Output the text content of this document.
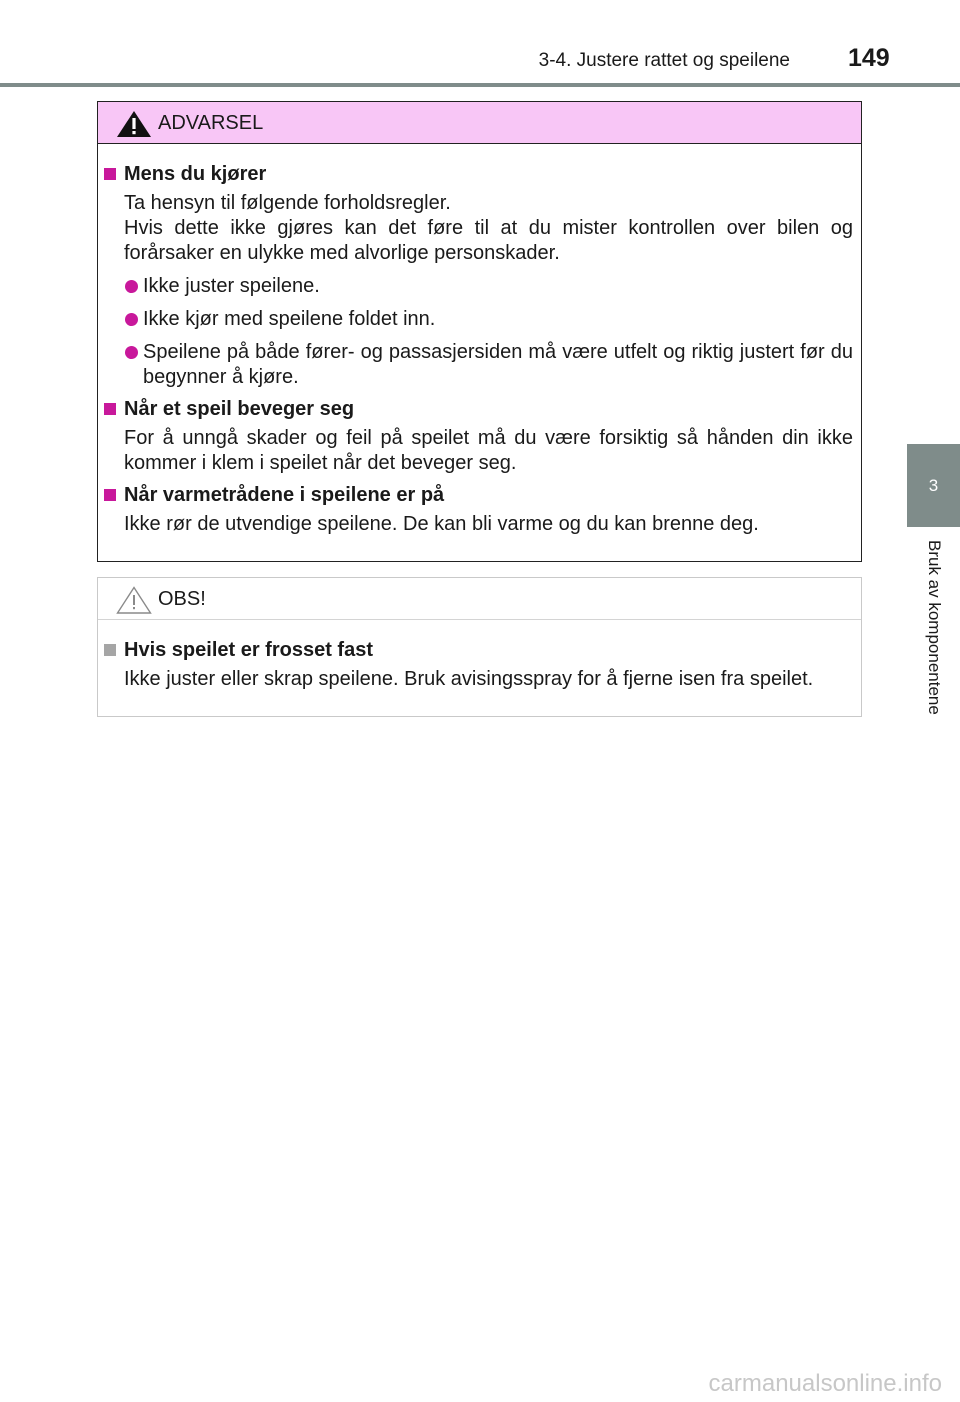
3-4. Justere rattet og speilene 149
3
Bruk av komponentene
ADVARSEL
Mens du kjører
Ta hensyn til følgende forholdsregler.
Hvis dette ikke gjøres kan det føre til at du mister kontrollen over bilen og forårsaker en ulykke med alvorlige personskader.
Ikke juster speilene.
Ikke kjør med speilene foldet inn.
Speilene på både fører- og passasjersiden må være utfelt og riktig justert før du begynner å kjøre.
Når et speil beveger seg
For å unngå skader og feil på speilet må du være forsiktig så hånden din ikke kommer i klem i speilet når det beveger seg.
Når varmetrådene i speilene er på
Ikke rør de utvendige speilene. De kan bli varme og du kan brenne deg.
OBS!
Hvis speilet er frosset fast
Ikke juster eller skrap speilene. Bruk avisingsspray for å fjerne isen fra speilet.
carmanualsonline.info
